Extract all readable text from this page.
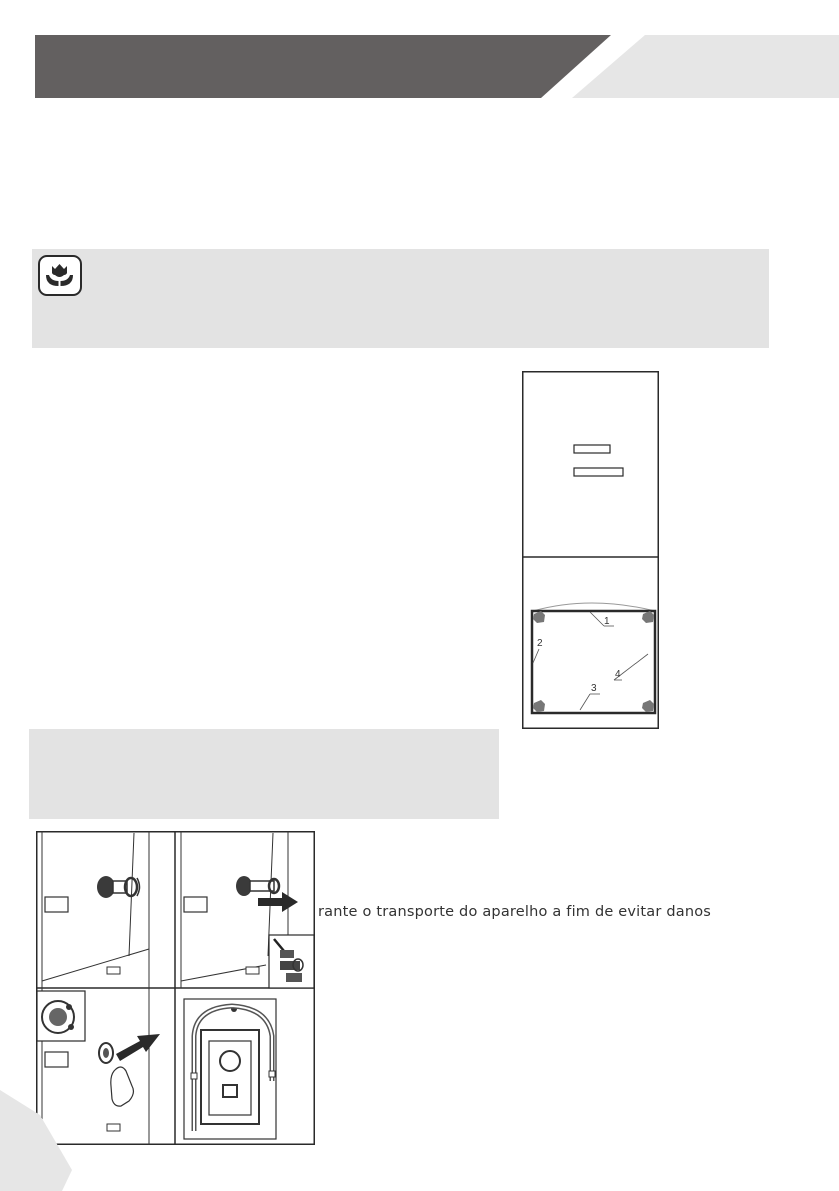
1
2
3
4
rante o transporte do aparelho a fim de evitar danos
